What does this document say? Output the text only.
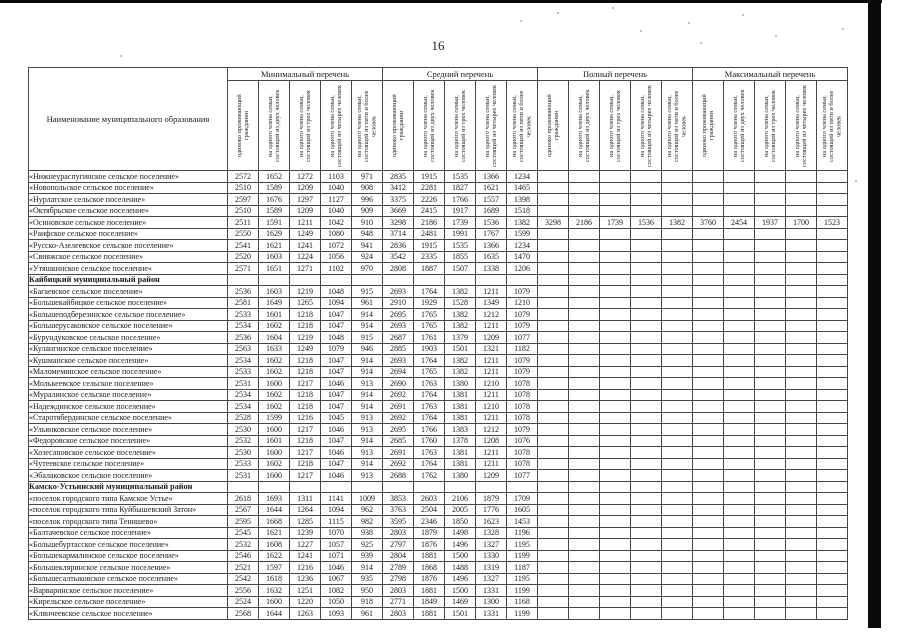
16
Наименование муниципального образования	Минимальный перечень					Средний перечень					Полный перечень					Максимальный перечень				

	одиноко проживающий гражданин	на одного члена семьи, состоящей из двух человек	на одного члена семьи, состоящей из трех человек	на одного члена семьи, состоящей из четырех человек	на одного члена семьи, состоящей из пяти и более человек	одиноко проживающий гражданин	на одного члена семьи, состоящей из двух человек	на одного члена семьи, состоящей из трех человек	на одного члена семьи, состоящей из четырех человек	на одного члена семьи, состоящей из пяти и более человек	одиноко проживающий гражданин	на одного члена семьи, состоящей из двух человек	на одного члена семьи, состоящей из трех человек	на одного члена семьи, состоящей из четырех человек	на одного члена семьи, состоящей из пяти и более человек	одиноко проживающий гражданин	на одного члена семьи, состоящей из двух человек	на одного члена семьи, состоящей из трех человек	на одного члена семьи, состоящей из четырех человек	на одного члена семьи, состоящей из пяти и более человек

«Нижнеураспугинское сельское поселение»	2572	1652	1272	1103	971	2835	1915	1535	1366	1234										
«Новопольское сельское поселение»	2510	1589	1209	1040	908	3412	2281	1827	1621	1465										
«Нурлатское сельское поселение»	2597	1676	1297	1127	996	3375	2226	1766	1557	1398										
«Октябрьское сельское поселение»	2510	1589	1209	1040	909	3669	2415	1917	1689	1518										
«Осиновское сельское поселение»	2511	1591	1211	1042	910	3298	2186	1739	1536	1382	3298	2186	1739	1536	1382	3760	2454	1937	1700	1523
«Раифское сельское поселение»	2550	1629	1249	1080	948	3714	2481	1991	1767	1599										
«Русско-Азелеевское сельское поселение»	2541	1621	1241	1072	941	2836	1915	1535	1366	1234										
«Свияжское сельское поселение»	2520	1603	1224	1056	924	3542	2335	1855	1635	1470										
«Утяшкинское сельское поселение»	2571	1651	1271	1102	970	2808	1887	1507	1338	1206										
Кайбицкий муниципальный район																				
«Багаевское сельское поселение»	2536	1603	1219	1048	915	2693	1764	1382	1211	1079										
«Большекайбицкое сельское поселение»	2581	1649	1265	1094	961	2910	1929	1528	1349	1210										
«Большеподберезинское сельское поселение»	2533	1601	1218	1047	914	2695	1765	1382	1212	1079										
«Большерусаковское сельское поселение»	2534	1602	1218	1047	914	2693	1765	1382	1211	1079										
«Бурундуковское сельское поселение»	2536	1604	1219	1048	915	2687	1761	1379	1209	1077										
«Кулангинское сельское поселение»	2563	1633	1249	1079	946	2885	1903	1501	1321	1182										
«Кушманское сельское поселение»	2534	1602	1218	1047	914	2693	1764	1382	1211	1079										
«Маломеминское сельское поселение»	2533	1602	1218	1047	914	2694	1765	1382	1211	1079										
«Молькеевское сельское поселение»	2531	1600	1217	1046	913	2690	1763	1380	1210	1078										
«Муралинское сельское поселение»	2534	1602	1218	1047	914	2692	1764	1381	1211	1078										
«Надеждинское сельское поселение»	2534	1602	1218	1047	914	2691	1763	1381	1210	1078										
«Старотябердинское сельское поселение»	2528	1599	1216	1045	913	2692	1764	1381	1211	1078										
«Ульянковское сельское поселение»	2530	1600	1217	1046	913	2695	1766	1383	1212	1079										
«Федоровское сельское поселение»	2532	1601	1218	1047	914	2685	1760	1378	1208	1076										
«Хозесановское сельское поселение»	2530	1600	1217	1046	913	2691	1763	1381	1211	1078										
«Чутеевское сельское поселение»	2533	1602	1218	1047	914	2692	1764	1381	1211	1078										
«Эбалаковское сельское поселение»	2531	1600	1217	1046	913	2688	1762	1380	1209	1077										
Камско-Устьинский муниципальный район																				
«поселок городского типа Камское Устье»	2618	1693	1311	1141	1009	3853	2603	2106	1879	1709										
«поселок городского типа Куйбышевский Затон»	2567	1644	1264	1094	962	3763	2504	2005	1776	1605										
«поселок городского типа Тенишево»	2595	1668	1285	1115	982	3595	2346	1850	1623	1453										
«Балтачевское сельское поселение»	2545	1621	1239	1070	938	2803	1879	1498	1328	1196										
«Большебуртасское сельское поселение»	2532	1608	1227	1057	925	2797	1876	1496	1327	1195										
«Большекармалинское сельское поселение»	2546	1622	1241	1071	939	2804	1881	1500	1330	1199										
«Большекляринское сельское поселение»	2521	1597	1216	1046	914	2789	1868	1488	1319	1187										
«Большесалтыковское сельское поселение»	2542	1618	1236	1067	935	2798	1876	1496	1327	1195										
«Варваринское сельское поселение»	2556	1632	1251	1082	950	2803	1881	1500	1331	1199										
«Кирельское сельское поселение»	2524	1600	1220	1050	918	2771	1849	1469	1300	1168										
«Клянчеевское сельское поселение»	2568	1644	1263	1093	961	2803	1881	1501	1331	1199										
